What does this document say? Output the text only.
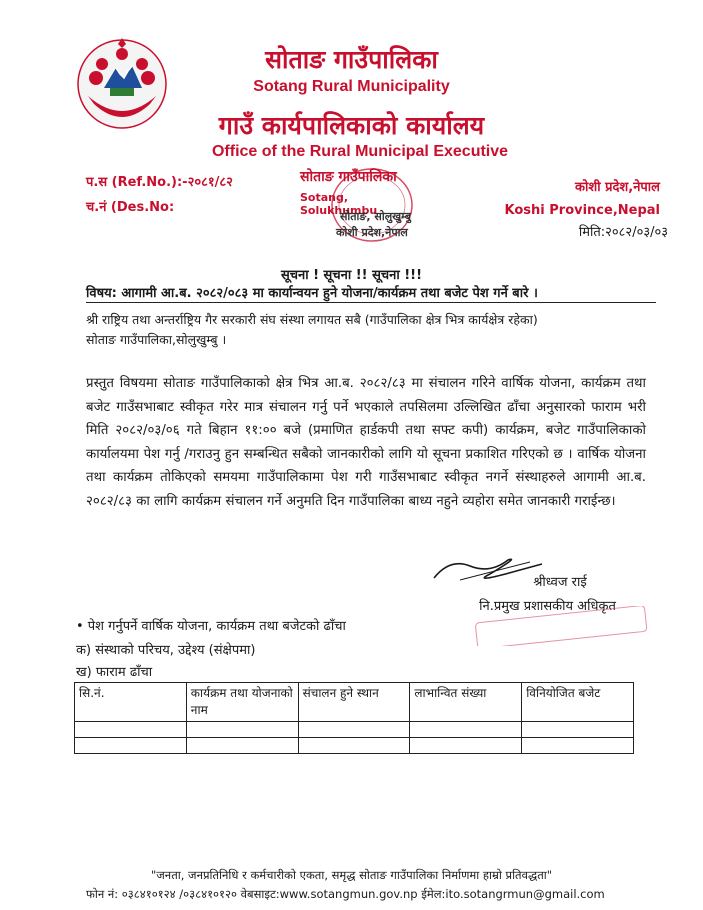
सोताङ गाउँपालिका
Sotang Rural Municipality
गाउँ कार्यपालिकाको कार्यालय
Office of the Rural Municipal Executive
प.स (Ref.No.):-२०८१/८२
च.नं (Des.No:
कोशी प्रदेश,नेपाल
Koshi Province,Nepal
मिति:२०८२/०३/०३
सोताङ गाउँपालिका
Sotang, Solukhumbu
सोताङ, सोलुखुम्बु
कोशी प्रदेश,नेपाल
सूचना ! सूचना !! सूचना !!!
विषय: आगामी आ.ब. २०८२/०८३ मा कार्यान्वयन हुने योजना/कार्यक्रम तथा बजेट पेश गर्ने बारे ।
श्री राष्ट्रिय तथा अन्तर्राष्ट्रिय गैर सरकारी संघ संस्था लगायत सबै (गाउँपालिका क्षेत्र भित्र कार्यक्षेत्र रहेका)
सोताङ गाउँपालिका,सोलुखुम्बु ।
प्रस्तुत विषयमा सोताङ गाउँपालिकाको क्षेत्र भित्र आ.ब. २०८२/८३ मा संचालन गरिने वार्षिक योजना, कार्यक्रम तथा बजेट गाउँसभाबाट स्वीकृत गरेर मात्र संचालन गर्नु पर्ने भएकाले तपसिलमा उल्लिखित ढाँचा अनुसारको फाराम भरी मिति २०८२/०३/०६ गते बिहान ११:०० बजे (प्रमाणित हार्डकपी तथा सफ्ट कपी) कार्यक्रम, बजेट गाउँपालिकाको कार्यालयमा पेश गर्नु /गराउनु हुन सम्बन्धित सबैको जानकारीको लागि यो सूचना प्रकाशित गरिएको छ । वार्षिक योजना तथा कार्यक्रम तोकिएको समयमा गाउँपालिकामा पेश गरी गाउँसभाबाट स्वीकृत नगर्ने संस्थाहरुले आगामी आ.ब. २०८२/८३ का लागि कार्यक्रम संचालन गर्ने अनुमति दिन गाउँपालिका बाध्य नहुने व्यहोरा समेत जानकारी गराईन्छ।
श्रीध्वज राई
नि.प्रमुख प्रशासकीय अधिकृत
• पेश गर्नुपर्ने वार्षिक योजना, कार्यक्रम तथा बजेटको ढाँचा
क) संस्थाको परिचय, उद्देश्य (संक्षेपमा)
ख) फाराम ढाँचा
सि.नं.	कार्यक्रम तथा योजनाको नाम	संचालन हुने स्थान	लाभान्वित संख्या	विनियोजित बजेट

"जनता, जनप्रतिनिधि र कर्मचारीको एकता, समृद्ध सोताङ गाउँपालिका निर्माणमा हाम्रो प्रतिवद्धता"
फोन नं: ०३८४१०१२४ /०३८४१०१२० वेबसाइट:www.sotangmun.gov.np ईमेल:ito.sotangrmun@gmail.com
